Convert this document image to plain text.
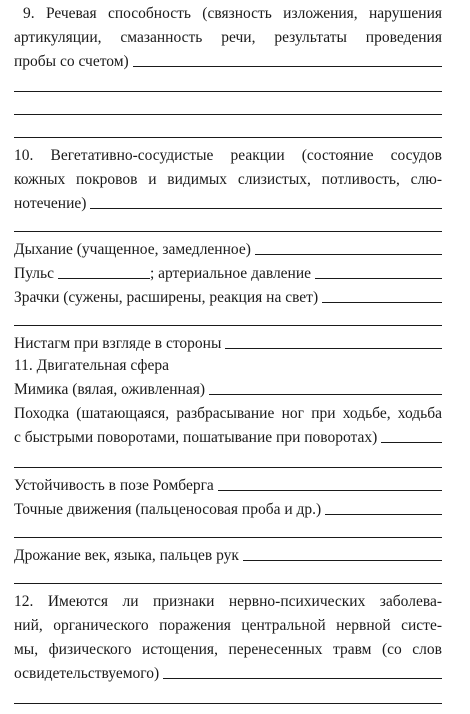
9. Речевая способность (связность изложения, нарушения
артикуляции, смазанность речи, результаты проведения
пробы со счетом)
10. Вегетативно-сосудистые реакции (состояние сосудов
кожных покровов и видимых слизистых, потливость, слю-
нотечение)
Дыхание (учащенное, замедленное)
Пульс	; артериальное давление
Зрачки (сужены, расширены, реакция на свет)
Нистагм при взгляде в стороны
11. Двигательная сфера
Мимика (вялая, оживленная)
Походка (шатающаяся, разбрасывание ног при ходьбе, ходьба
с быстрыми поворотами, пошатывание при поворотах)
Устойчивость в позе Ромберга
Точные движения (пальценосовая проба и др.)
Дрожание век, языка, пальцев рук
12. Имеются ли признаки нервно-психических заболева-
ний, органического поражения центральной нервной систе-
мы, физического истощения, перенесенных травм (со слов
освидетельствуемого)
